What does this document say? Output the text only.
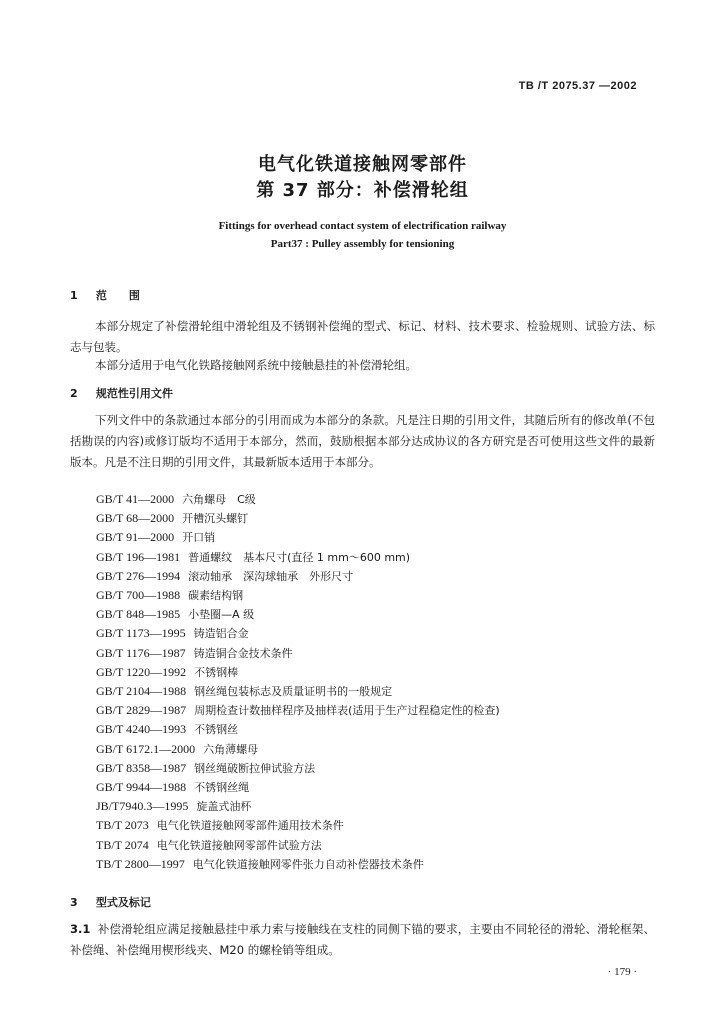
TB /T 2075.37 —2002
电气化铁道接触网零部件
第 37 部分：补偿滑轮组
Fittings for overhead contact system of electrification railway
Part37 : Pulley assembly for tensioning
1 范　　围
本部分规定了补偿滑轮组中滑轮组及不锈钢补偿绳的型式、标记、材料、技术要求、检验规则、试验方法、标志与包装。
本部分适用于电气化铁路接触网系统中接触悬挂的补偿滑轮组。
2 规范性引用文件
下列文件中的条款通过本部分的引用而成为本部分的条款。凡是注日期的引用文件，其随后所有的修改单(不包括勘误的内容)或修订版均不适用于本部分，然而，鼓励根据本部分达成协议的各方研究是否可使用这些文件的最新版本。凡是不注日期的引用文件，其最新版本适用于本部分。
GB/T 41—2000 六角螺母　C级
GB/T 68—2000 开槽沉头螺钉
GB/T 91—2000 开口销
GB/T 196—1981 普通螺纹　基本尺寸(直径 1 mm～600 mm)
GB/T 276—1994 滚动轴承　深沟球轴承　外形尺寸
GB/T 700—1988 碳素结构钢
GB/T 848—1985 小垫圈—A 级
GB/T 1173—1995 铸造铝合金
GB/T 1176—1987 铸造铜合金技术条件
GB/T 1220—1992 不锈钢棒
GB/T 2104—1988 钢丝绳包装标志及质量证明书的一般规定
GB/T 2829—1987 周期检查计数抽样程序及抽样表(适用于生产过程稳定性的检查)
GB/T 4240—1993 不锈钢丝
GB/T 6172.1—2000 六角薄螺母
GB/T 8358—1987 钢丝绳破断拉伸试验方法
GB/T 9944—1988 不锈钢丝绳
JB/T7940.3—1995 旋盖式油杯
TB/T 2073 电气化铁道接触网零部件通用技术条件
TB/T 2074 电气化铁道接触网零部件试验方法
TB/T 2800—1997 电气化铁道接触网零件张力自动补偿器技术条件
3 型式及标记
3.1 补偿滑轮组应满足接触悬挂中承力索与接触线在支柱的同侧下锚的要求，主要由不同轮径的滑轮、滑轮框架、补偿绳、补偿绳用楔形线夹、M20 的螺栓销等组成。
· 179 ·
